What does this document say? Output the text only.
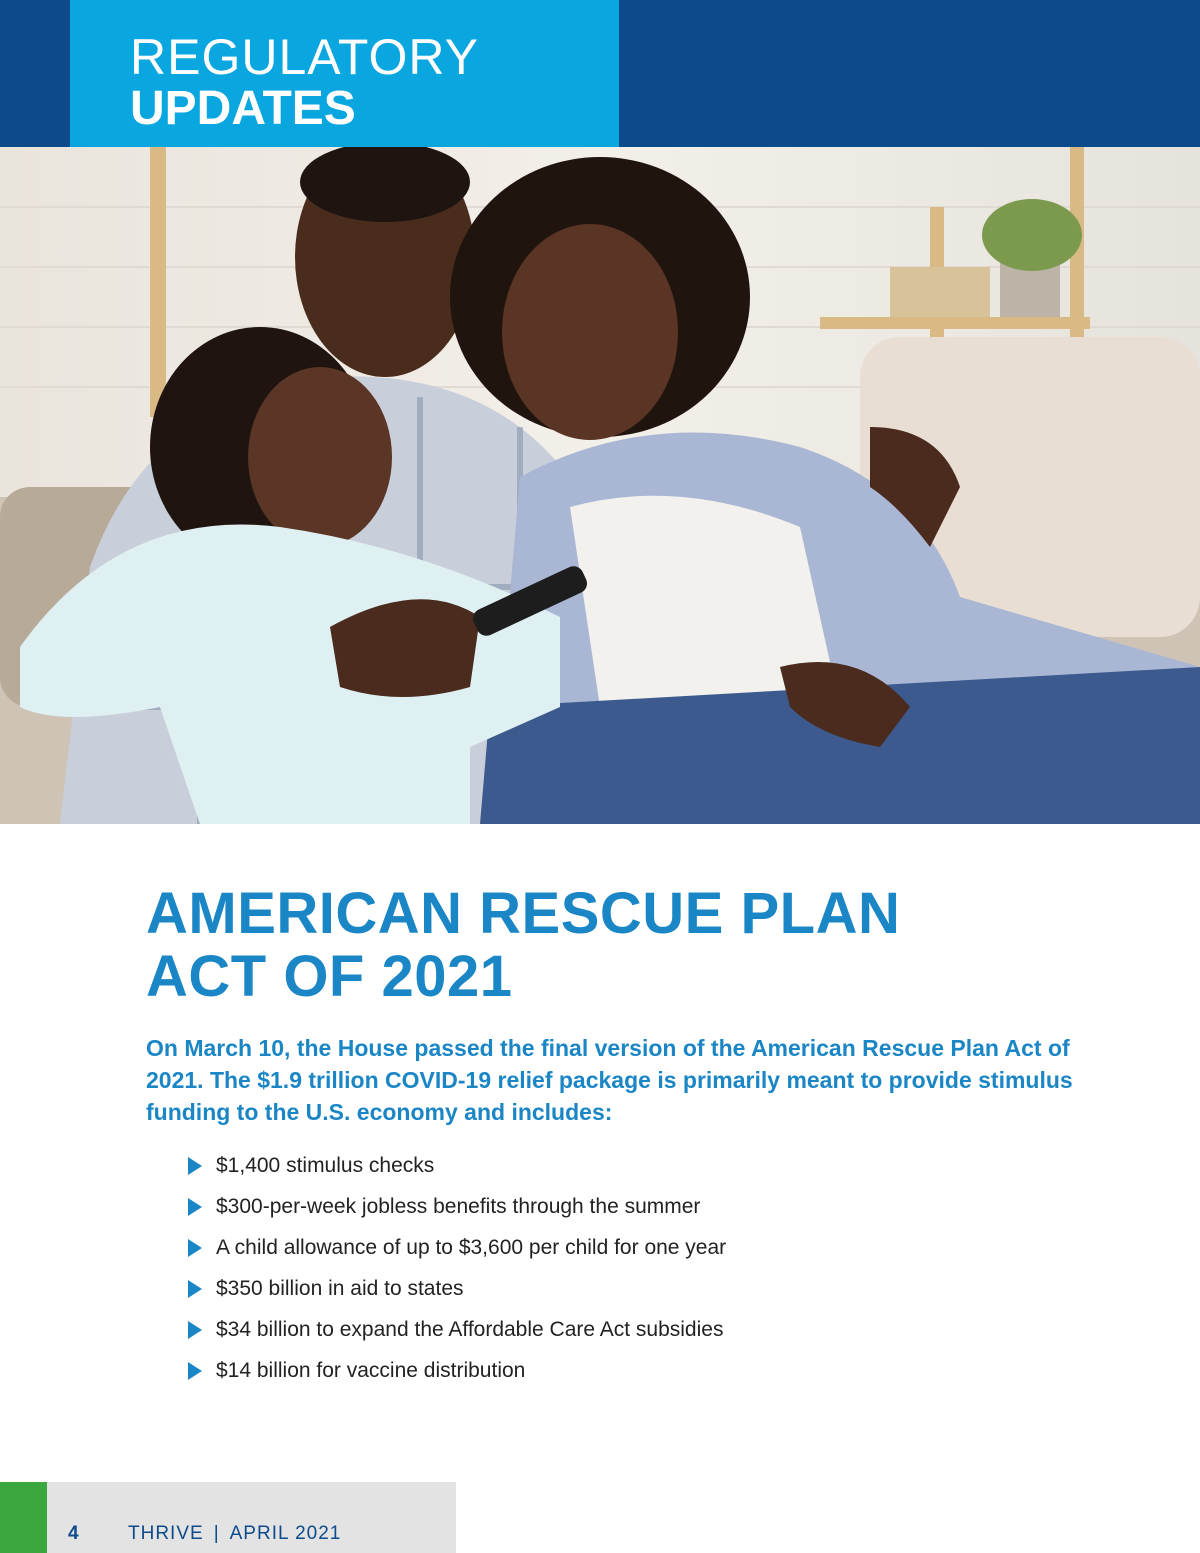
REGULATORY
UPDATES
AMERICAN RESCUE PLAN
ACT OF 2021

On March 10, the House passed the final version of the American Rescue Plan Act of 2021. The $1.9 trillion COVID-19 relief package is primarily meant to provide stimulus funding to the U.S. economy and includes:

$1,400 stimulus checks
$300-per-week jobless benefits through the summer
A child allowance of up to $3,600 per child for one year
$350 billion in aid to states
$34 billion to expand the Affordable Care Act subsidies
$14 billion for vaccine distribution
4	THRIVE | APRIL 2021
